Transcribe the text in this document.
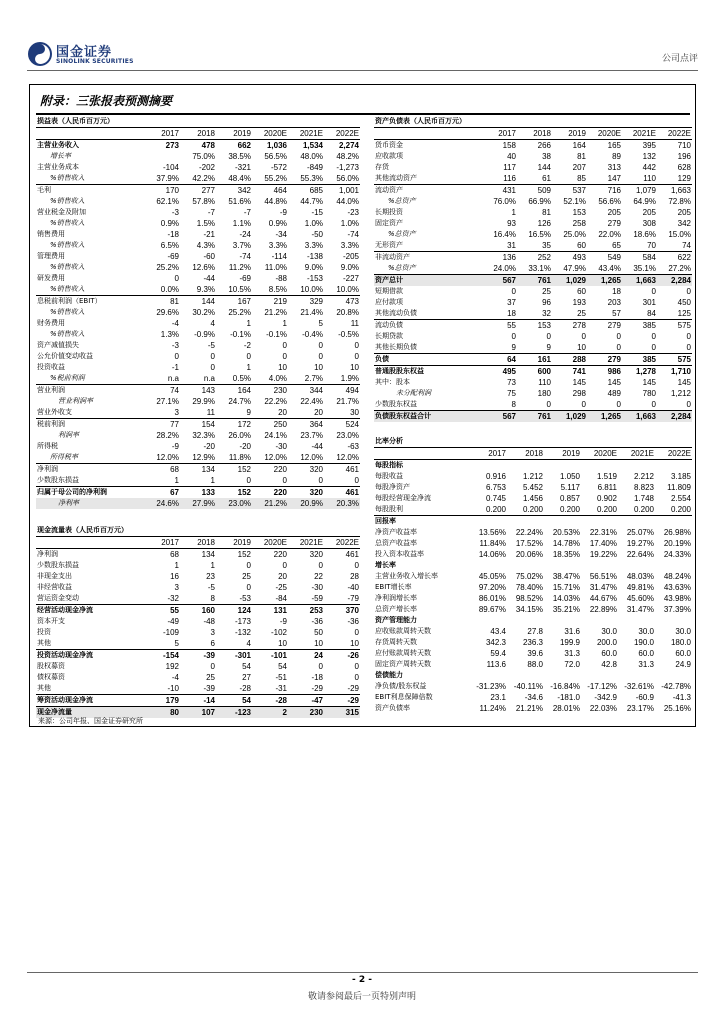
国金证券
SINOLINK SECURITIES	公司点评
附录：三张报表预测摘要
损益表（人民币百万元）						
	2017	2018	2019	2020E	2021E	2022E
主营业务收入	273	478	662	1,036	1,534	2,274
增长率		75.0%	38.5%	56.5%	48.0%	48.2%
主营业务成本	-104	-202	-321	-572	-849	-1,273
%销售收入	37.9%	42.2%	48.4%	55.2%	55.3%	56.0%
毛利	170	277	342	464	685	1,001
%销售收入	62.1%	57.8%	51.6%	44.8%	44.7%	44.0%
营业税金及附加	-3	-7	-7	-9	-15	-23
%销售收入	0.9%	1.5%	1.1%	0.9%	1.0%	1.0%
销售费用	-18	-21	-24	-34	-50	-74
%销售收入	6.5%	4.3%	3.7%	3.3%	3.3%	3.3%
管理费用	-69	-60	-74	-114	-138	-205
%销售收入	25.2%	12.6%	11.2%	11.0%	9.0%	9.0%
研发费用	0	-44	-69	-88	-153	-227
%销售收入	0.0%	9.3%	10.5%	8.5%	10.0%	10.0%
息税前利润（EBIT）	81	144	167	219	329	473
%销售收入	29.6%	30.2%	25.2%	21.2%	21.4%	20.8%
财务费用	-4	4	1	1	5	11
%销售收入	1.3%	-0.9%	-0.1%	-0.1%	-0.4%	-0.5%
资产减值损失	-3	-5	-2	0	0	0
公允价值变动收益	0	0	0	0	0	0
投资收益	-1	0	1	10	10	10
%税前利润	n.a	n.a	0.5%	4.0%	2.7%	1.9%
营业利润	74	143	164	230	344	494
营业利润率	27.1%	29.9%	24.7%	22.2%	22.4%	21.7%
营业外收支	3	11	9	20	20	30
税前利润	77	154	172	250	364	524
利润率	28.2%	32.3%	26.0%	24.1%	23.7%	23.0%
所得税	-9	-20	-20	-30	-44	-63
所得税率	12.0%	12.9%	11.8%	12.0%	12.0%	12.0%
净利润	68	134	152	220	320	461
少数股东损益	1	1	0	0	0	0
归属于母公司的净利润	67	133	152	220	320	461
净利率	24.6%	27.9%	23.0%	21.2%	20.9%	20.3%
资产负债表（人民币百万元）						
	2017	2018	2019	2020E	2021E	2022E
货币资金	158	266	164	165	395	710
应收款项	40	38	81	89	132	196
存货	117	144	207	313	442	628
其他流动资产	116	61	85	147	110	129
流动资产	431	509	537	716	1,079	1,663
%总资产	76.0%	66.9%	52.1%	56.6%	64.9%	72.8%
长期投资	1	81	153	205	205	205
固定资产	93	126	258	279	308	342
%总资产	16.4%	16.5%	25.0%	22.0%	18.6%	15.0%
无形资产	31	35	60	65	70	74
非流动资产	136	252	493	549	584	622
%总资产	24.0%	33.1%	47.9%	43.4%	35.1%	27.2%
资产总计	567	761	1,029	1,265	1,663	2,284
短期借款	0	25	60	18	0	0
应付款项	37	96	193	203	301	450
其他流动负债	18	32	25	57	84	125
流动负债	55	153	278	279	385	575
长期贷款	0	0	0	0	0	0
其他长期负债	9	9	10	0	0	0
负债	64	161	288	279	385	575
普通股股东权益	495	600	741	986	1,278	1,710
其中：股本	73	110	145	145	145	145
未分配利润	75	180	298	489	780	1,212
少数股东权益	8	0	0	0	0	0
负债股东权益合计	567	761	1,029	1,265	1,663	2,284
比率分析						
	2017	2018	2019	2020E	2021E	2022E
每股指标						
每股收益	0.916	1.212	1.050	1.519	2.212	3.185
每股净资产	6.753	5.452	5.117	6.811	8.823	11.809
每股经营现金净流	0.745	1.456	0.857	0.902	1.748	2.554
每股股利	0.200	0.200	0.200	0.200	0.200	0.200
回报率						
净资产收益率	13.56%	22.24%	20.53%	22.31%	25.07%	26.98%
总资产收益率	11.84%	17.52%	14.78%	17.40%	19.27%	20.19%
投入资本收益率	14.06%	20.06%	18.35%	19.22%	22.64%	24.33%
增长率						
主营业务收入增长率	45.05%	75.02%	38.47%	56.51%	48.03%	48.24%
EBIT增长率	97.20%	78.40%	15.71%	31.47%	49.81%	43.63%
净利润增长率	86.01%	98.52%	14.03%	44.67%	45.60%	43.98%
总资产增长率	89.67%	34.15%	35.21%	22.89%	31.47%	37.39%
资产管理能力						
应收账款周转天数	43.4	27.8	31.6	30.0	30.0	30.0
存货周转天数	342.3	236.3	199.9	200.0	190.0	180.0
应付账款周转天数	59.4	39.6	31.3	60.0	60.0	60.0
固定资产周转天数	113.6	88.0	72.0	42.8	31.3	24.9
偿债能力						
净负债/股东权益	-31.23%	-40.11%	-16.84%	-17.12%	-32.61%	-42.78%
EBIT利息保障倍数	23.1	-34.6	-181.0	-342.9	-60.9	-41.3
资产负债率	11.24%	21.21%	28.01%	22.03%	23.17%	25.16%
现金流量表（人民币百万元）						
	2017	2018	2019	2020E	2021E	2022E
净利润	68	134	152	220	320	461
少数股东损益	1	1	0	0	0	0
非现金支出	16	23	25	20	22	28
非经营收益	3	-5	0	-25	-30	-40
营运资金变动	-32	8	-53	-84	-59	-79
经营活动现金净流	55	160	124	131	253	370
资本开支	-49	-48	-173	-9	-36	-36
投资	-109	3	-132	-102	50	0
其他	5	6	4	10	10	10
投资活动现金净流	-154	-39	-301	-101	24	-26
股权募资	192	0	54	54	0	0
债权募资	-4	25	27	-51	-18	0
其他	-10	-39	-28	-31	-29	-29
筹资活动现金净流	179	-14	54	-28	-47	-29
现金净流量	80	107	-123	2	230	315
来源：公司年报、国金证券研究所
- 2 -
敬请参阅最后一页特别声明
